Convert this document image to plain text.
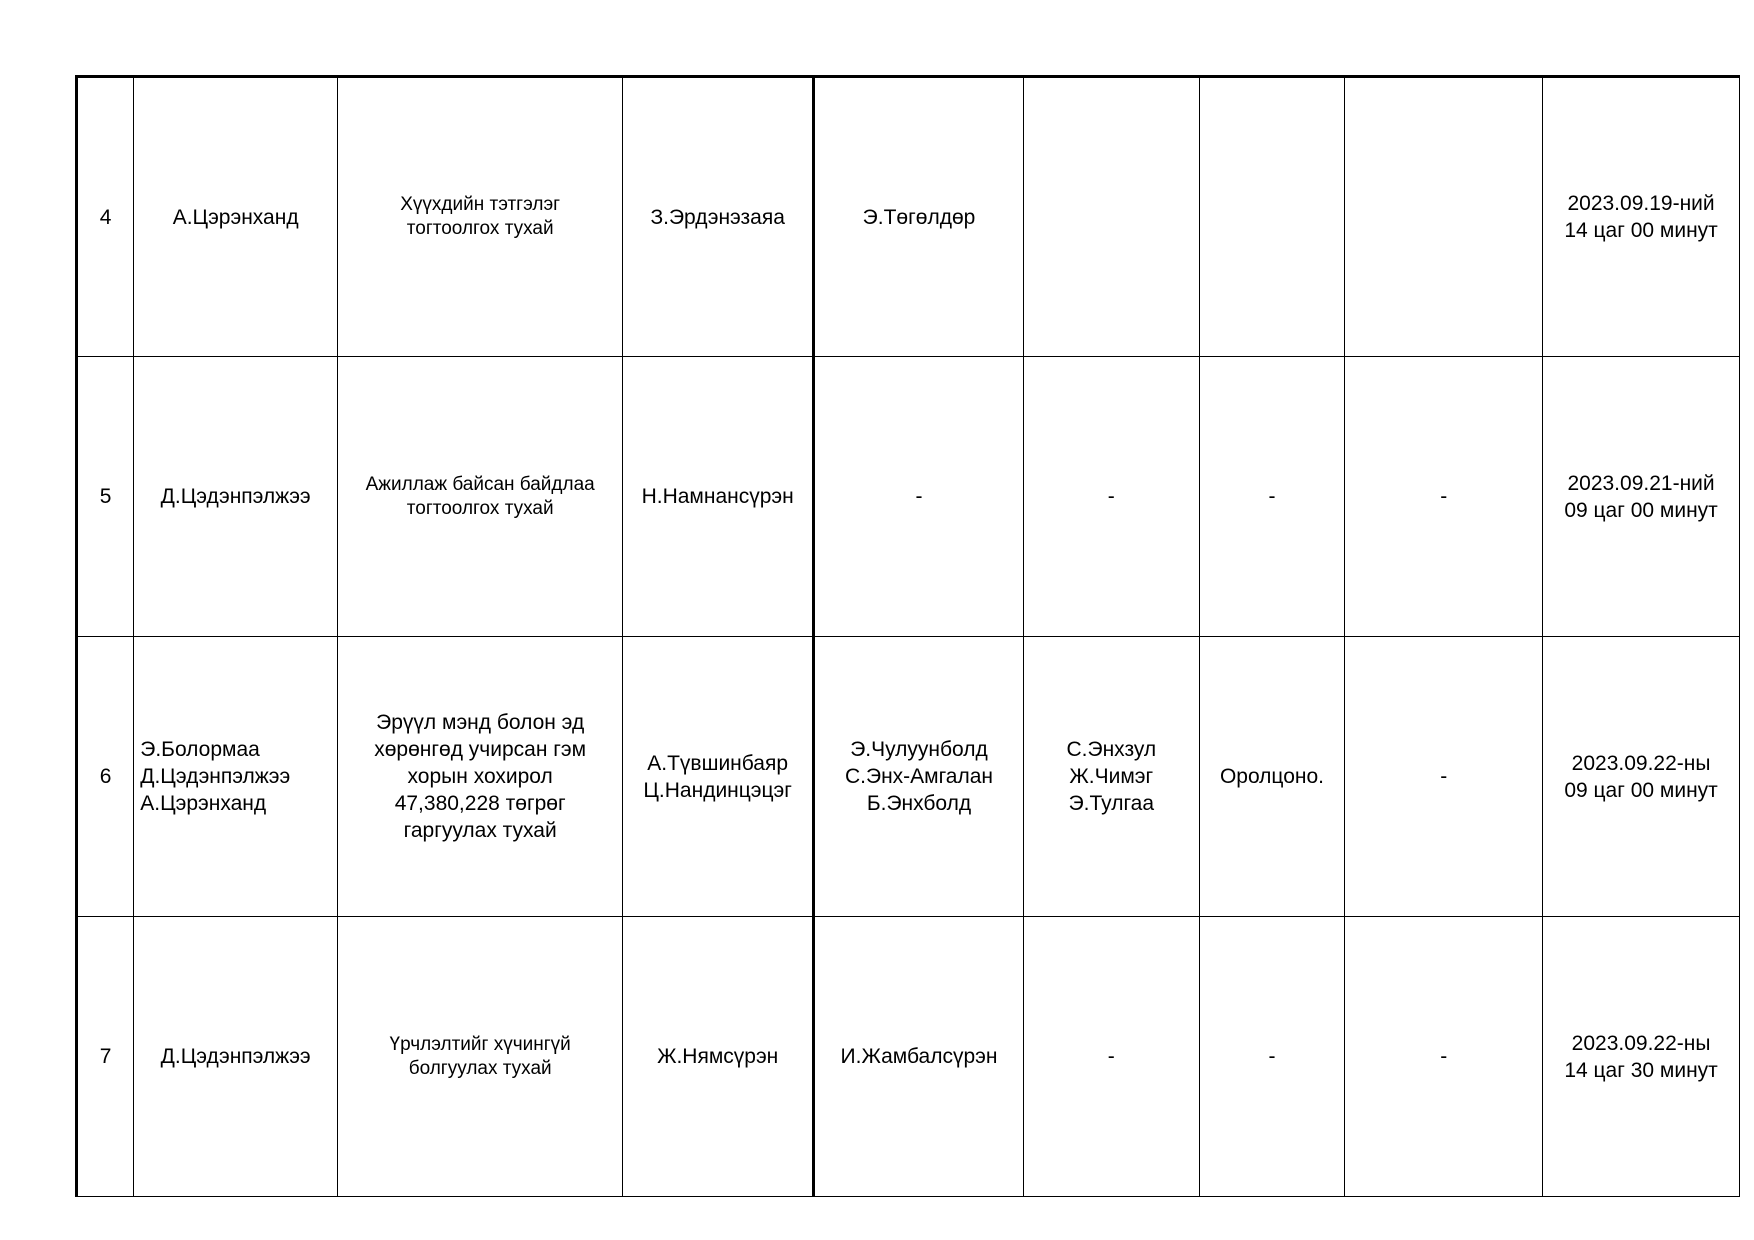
4	А.Цэрэнханд	Хүүхдийн тэтгэлэг тогтоолгох тухай	З.Эрдэнэзаяа	Э.Төгөлдөр				2023.09.19-ний
14 цаг 00 минут

5	Д.Цэдэнпэлжээ	Ажиллаж байсан байдлаа тогтоолгох тухай	Н.Намнансүрэн	-	-	-	-	2023.09.21-ний
09 цаг 00 минут

6	Э.Болормаа
Д.Цэдэнпэлжээ
А.Цэрэнханд	Эрүүл мэнд болон эд хөрөнгөд учирсан гэм хорын хохирол 47,380,228 төгрөг гаргуулах тухай	А.Түвшинбаяр
Ц.Нандинцэцэг	Э.Чулуунболд
С.Энх-Амгалан
Б.Энхболд	С.Энхзул
Ж.Чимэг
Э.Тулгаа	Оролцоно.	-	2023.09.22-ны
09 цаг 00 минут

7	Д.Цэдэнпэлжээ	Үрчлэлтийг хүчингүй болгуулах тухай	Ж.Нямсүрэн	И.Жамбалсүрэн	-	-	-	2023.09.22-ны
14 цаг 30 минут
